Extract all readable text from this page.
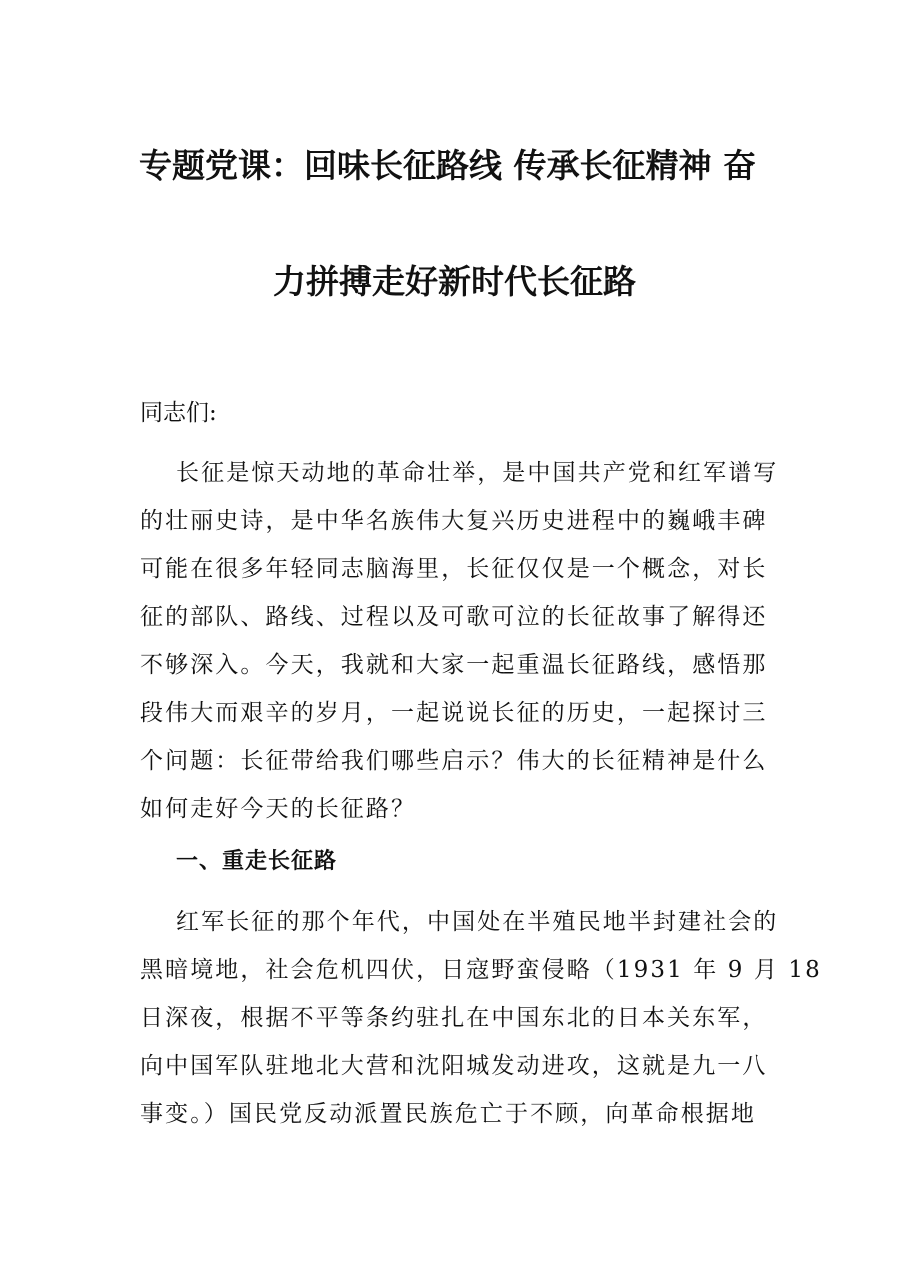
专题党课：回味长征路线 传承长征精神 奋
力拼搏走好新时代长征路
同志们:
长征是惊天动地的革命壮举，是中国共产党和红军谱写
的壮丽史诗，是中华名族伟大复兴历史进程中的巍峨丰碑
可能在很多年轻同志脑海里，长征仅仅是一个概念，对长
征的部队、路线、过程以及可歌可泣的长征故事了解得还
不够深入。今天，我就和大家一起重温长征路线，感悟那
段伟大而艰辛的岁月，一起说说长征的历史，一起探讨三
个问题：长征带给我们哪些启示？伟大的长征精神是什么
如何走好今天的长征路？
一、重走长征路
红军长征的那个年代，中国处在半殖民地半封建社会的
黑暗境地，社会危机四伏，日寇野蛮侵略（1931 年 9 月 18
日深夜，根据不平等条约驻扎在中国东北的日本关东军，
向中国军队驻地北大营和沈阳城发动进攻，这就是九一八
事变。）国民党反动派置民族危亡于不顾，向革命根据地
